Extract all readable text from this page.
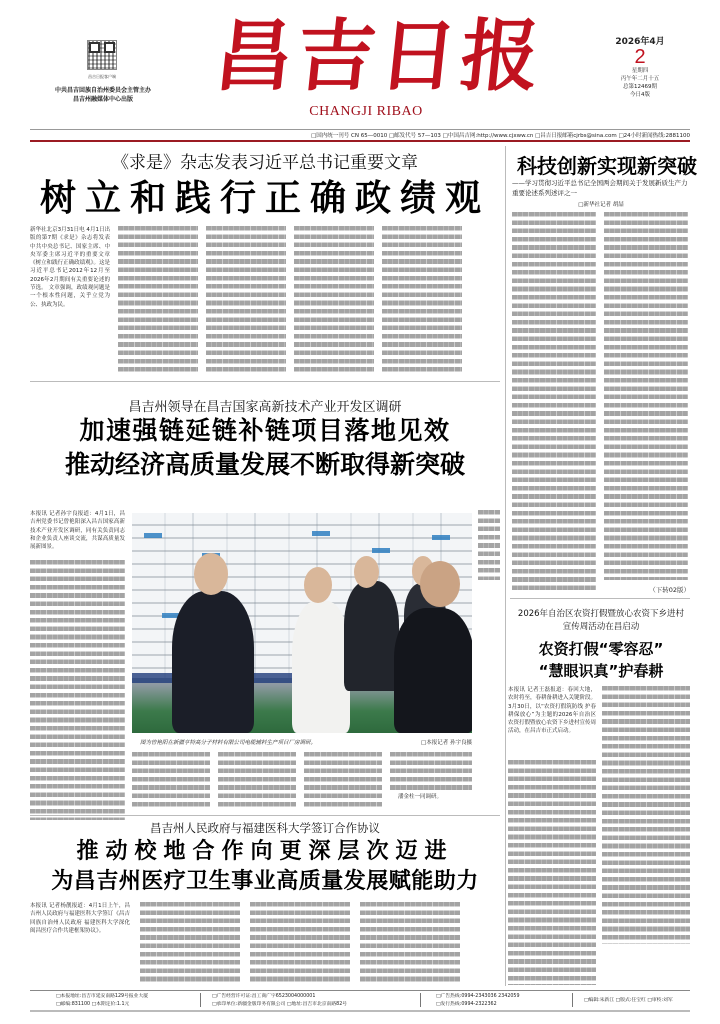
昌吉日报客户端
中共昌吉回族自治州委员会主管主办
昌吉州融媒体中心出版 昌吉日报
CHANGJI RIBAO
2026年4月
2
星期四
丙午年二月十五
总第12469期
今日4版
□国内统一刊号 CN 65—0010 □邮发代号 57—103 □中国昌吉网:http://www.cjxww.cn □昌吉日报邮箱cjrbs@sina.com □24小时新闻热线:2881100
《求是》杂志发表习近平总书记重要文章
树立和践行正确政绩观
新华社北京3月31日电 4月1日出版的第7期《求是》杂志将发表中共中央总书记、国家主席、中央军委主席习近平的重要文章《树立和践行正确政绩观》。这是习近平总书记2012年12月至2026年2月期间有关重要论述的节选。 文章强调，政绩观问题是一个根本性问题，关乎立党为公、执政为民。
科技创新实现新突破
——学习贯彻习近平总书记全国两会期间关于发展新质生产力重要论述系列述评之一
□新华社记者 胡喆
（下转02版）
昌吉州领导在昌吉国家高新技术产业开发区调研
加速强链延链补链项目落地见效
推动经济高质量发展不断取得新突破
本报讯 记者孙宇良报道：4月1日，昌吉州党委书记曾艳阳深入昌吉国家高新技术产业开发区调研，同有关负责同志和企业负责人座谈交流，共谋高质量发展新图景。
图为曾艳阳在新疆亨特高分子材料有限公司电缆辅料生产项目厂房调研。	□本报记者 孙宇良摄
潘金柱一同调研。
2026年自治区农资打假暨放心农资下乡进村
宣传周活动在昌启动
农资打假“零容忍”
“慧眼识真”护春耕
本报讯 记者王磊报道：春回大地，农时将至，春耕备耕进入关键阶段。3月30日，以“农资打假筑防线 护春耕保放心”为主题的2026年自治区农资打假暨放心农资下乡进村宣传周活动，在昌吉市正式启动。
昌吉州人民政府与福建医科大学签订合作协议
推动校地合作向更深层次迈进
为昌吉州医疗卫生事业高质量发展赋能助力
本报讯 记者杨靓报道：4月1日上午，昌吉州人民政府与福建医科大学签订《昌吉回族自治州人民政府 福建医科大学深化闽昌医疗合作共建框架协议》。
□本报地址:昌吉市延安南路129号报业大厦
□邮编:831100 □本期定价:1.1元
□广告经营许可证:昌工商广字6523004000001
□承印单位:新疆金版印务有限公司 □地址:昌吉市北京南路82号
□广告热线:0994-2343036 2342059
□发行热线:0994-2322362
□编辑:朱新江 □版式:任宝红 □审校:刘军
